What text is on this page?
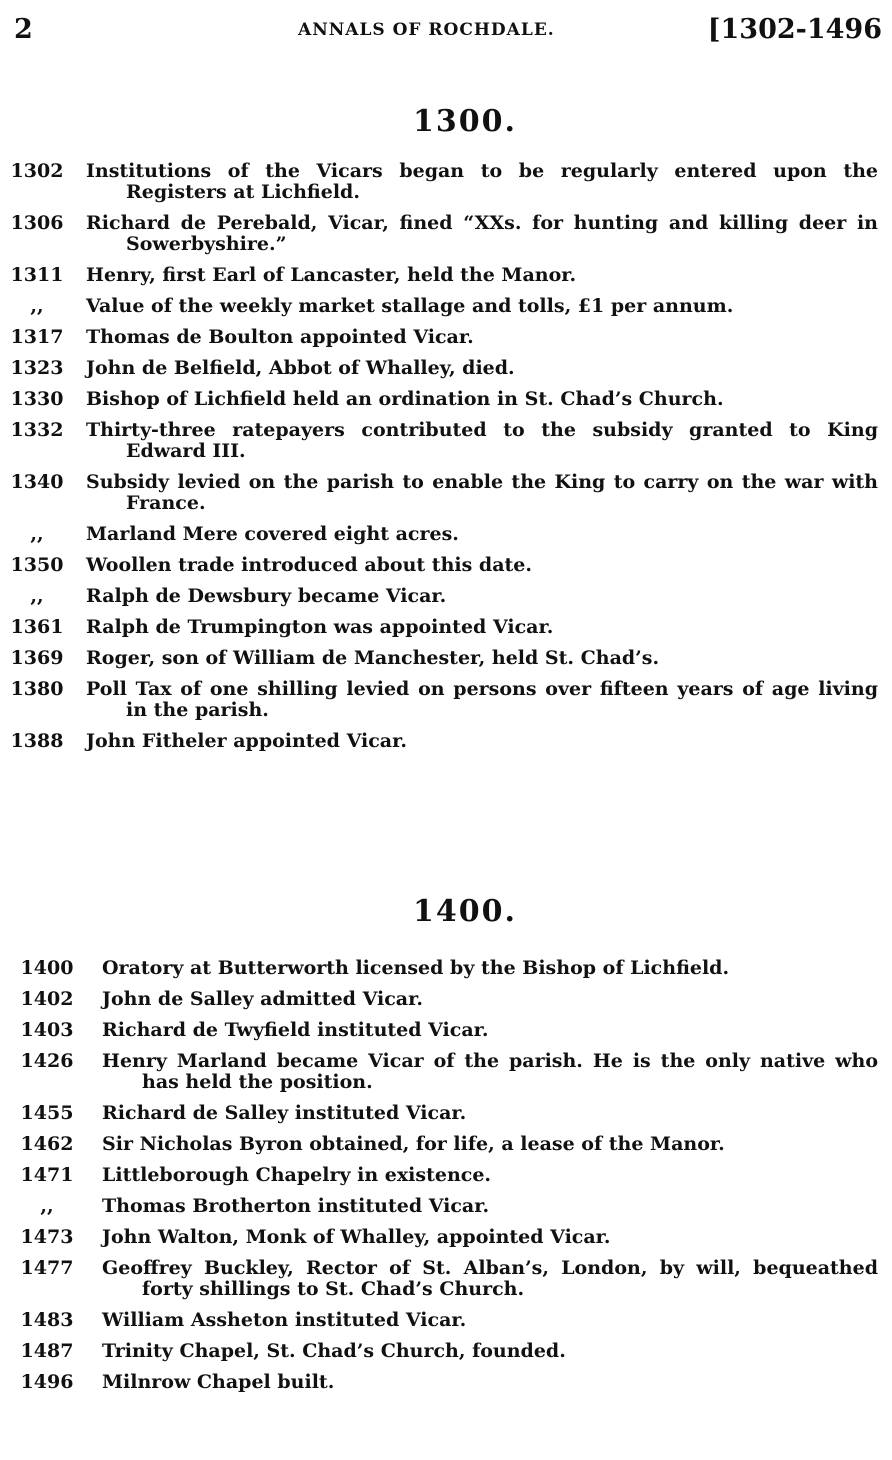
2	ANNALS OF ROCHDALE.	[1302-1496
1300.
1302 Institutions of the Vicars began to be regularly entered upon the Registers at Lichfield.
1306 Richard de Perebald, Vicar, fined “XXs. for hunting and killing deer in Sowerbyshire.”
1311 Henry, first Earl of Lancaster, held the Manor.
,,	Value of the weekly market stallage and tolls, £1 per annum.
1317 Thomas de Boulton appointed Vicar.
1323 John de Belfield, Abbot of Whalley, died.
1330 Bishop of Lichfield held an ordination in St. Chad’s Church.
1332 Thirty-three ratepayers contributed to the subsidy granted to King Edward III.
1340 Subsidy levied on the parish to enable the King to carry on the war with France.
,,	Marland Mere covered eight acres.
1350 Woollen trade introduced about this date.
,,	Ralph de Dewsbury became Vicar.
1361 Ralph de Trumpington was appointed Vicar.
1369 Roger, son of William de Manchester, held St. Chad’s.
1380 Poll Tax of one shilling levied on persons over fifteen years of age living in the parish.
1388 John Fitheler appointed Vicar.
1400.
1400 Oratory at Butterworth licensed by the Bishop of Lichfield.
1402 John de Salley admitted Vicar.
1403 Richard de Twyfield instituted Vicar.
1426 Henry Marland became Vicar of the parish. He is the only native who has held the position.
1455 Richard de Salley instituted Vicar.
1462 Sir Nicholas Byron obtained, for life, a lease of the Manor.
1471 Littleborough Chapelry in existence.
,,	Thomas Brotherton instituted Vicar.
1473 John Walton, Monk of Whalley, appointed Vicar.
1477 Geoffrey Buckley, Rector of St. Alban’s, London, by will, bequeathed forty shillings to St. Chad’s Church.
1483 William Assheton instituted Vicar.
1487 Trinity Chapel, St. Chad’s Church, founded.
1496 Milnrow Chapel built.
